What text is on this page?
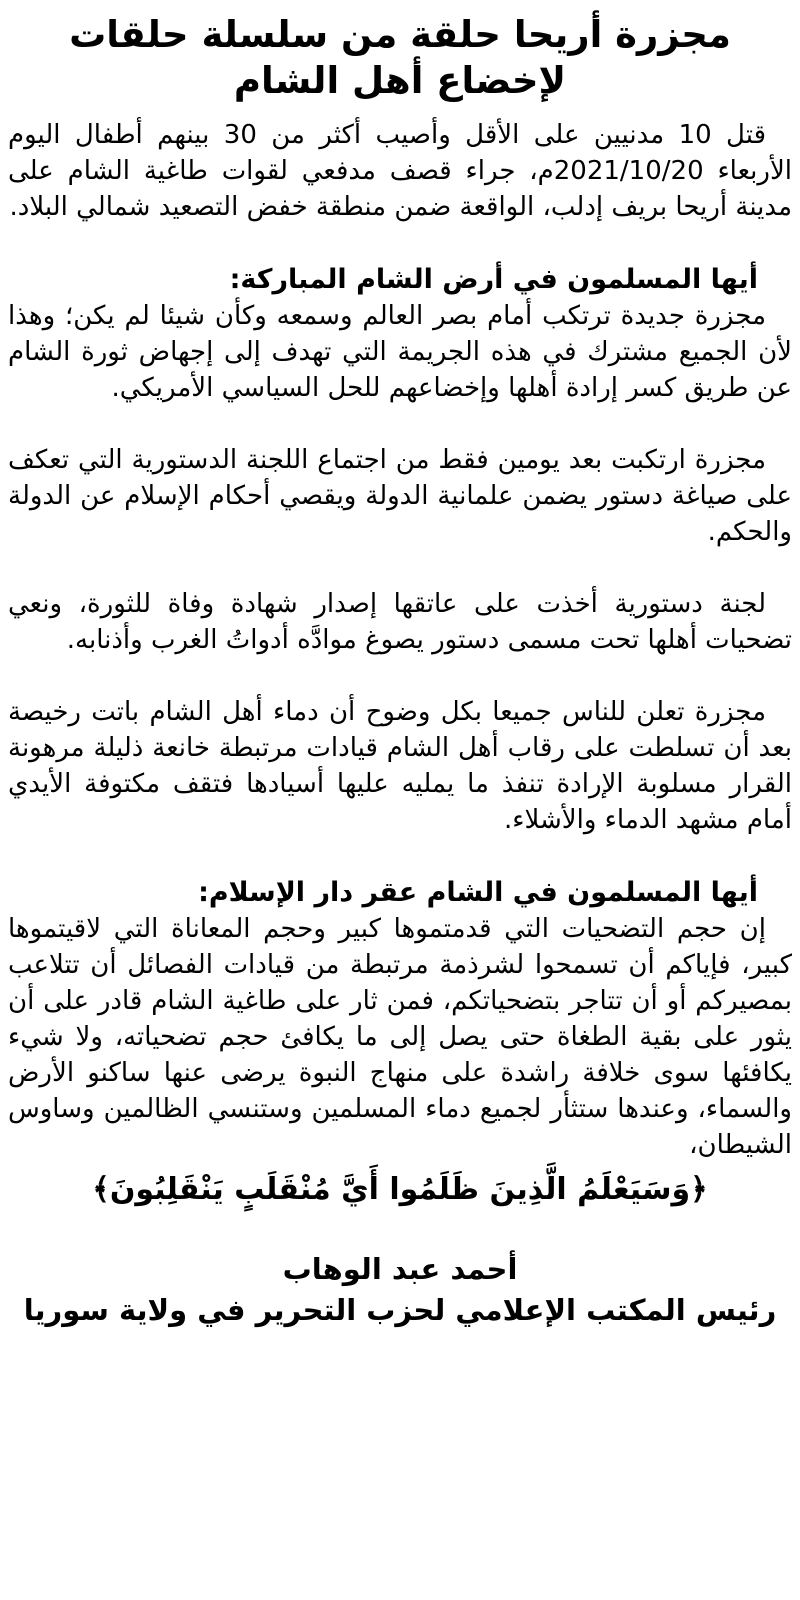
مجزرة أريحا حلقة من سلسلة حلقات
لإخضاع أهل الشام

قتل 10 مدنيين على الأقل وأصيب أكثر من 30 بينهم أطفال اليوم الأربعاء 2021/10/20م، جراء قصف مدفعي لقوات طاغية الشام على مدينة أريحا بريف إدلب، الواقعة ضمن منطقة خفض التصعيد شمالي البلاد.

أيها المسلمون في أرض الشام المباركة:

مجزرة جديدة ترتكب أمام بصر العالم وسمعه وكأن شيئا لم يكن؛ وهذا لأن الجميع مشترك في هذه الجريمة التي تهدف إلى إجهاض ثورة الشام عن طريق كسر إرادة أهلها وإخضاعهم للحل السياسي الأمريكي.

مجزرة ارتكبت بعد يومين فقط من اجتماع اللجنة الدستورية التي تعكف على صياغة دستور يضمن علمانية الدولة ويقصي أحكام الإسلام عن الدولة والحكم.

لجنة دستورية أخذت على عاتقها إصدار شهادة وفاة للثورة، ونعي تضحيات أهلها تحت مسمى دستور يصوغ موادَّه أدواتُ الغرب وأذنابه.

مجزرة تعلن للناس جميعا بكل وضوح أن دماء أهل الشام باتت رخيصة بعد أن تسلطت على رقاب أهل الشام قيادات مرتبطة خانعة ذليلة مرهونة القرار مسلوبة الإرادة تنفذ ما يمليه عليها أسيادها فتقف مكتوفة الأيدي أمام مشهد الدماء والأشلاء.

أيها المسلمون في الشام عقر دار الإسلام:

إن حجم التضحيات التي قدمتموها كبير وحجم المعاناة التي لاقيتموها كبير، فإياكم أن تسمحوا لشرذمة مرتبطة من قيادات الفصائل أن تتلاعب بمصيركم أو أن تتاجر بتضحياتكم، فمن ثار على طاغية الشام قادر على أن يثور على بقية الطغاة حتى يصل إلى ما يكافئ حجم تضحياته، ولا شيء يكافئها سوى خلافة راشدة على منهاج النبوة يرضى عنها ساكنو الأرض والسماء، وعندها ستثأر لجميع دماء المسلمين وستنسي الظالمين وساوس الشيطان،

﴿وَسَيَعْلَمُ الَّذِينَ ظَلَمُوا أَيَّ مُنْقَلَبٍ يَنْقَلِبُونَ﴾
أحمد عبد الوهاب
رئيس المكتب الإعلامي لحزب التحرير في ولاية سوريا
